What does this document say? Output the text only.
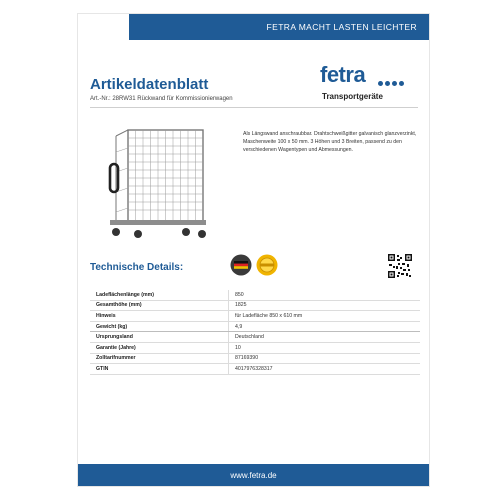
FETRA MACHT LASTEN LEICHTER
Artikeldatenblatt
Art.-Nr.: 28RW31 Rückwand für Kommissionierwagen
fetra
Transportgeräte
Als Längswand anschraubbar. Drahtschweißgitter galvanisch glanzverzinkt, Maschenweite 100 x 50 mm. 3 Höhen und 3 Breiten, passend zu den verschiedenen Wagentypen und Abmessungen.
Technische Details:
Ladeflächenlänge (mm)	850
Gesamthöhe (mm)	1825
Hinweis	für Ladefläche 850 x 610 mm
Gewicht (kg)	4,9
Ursprungsland	Deutschland
Garantie (Jahre)	10
Zolltarifnummer	87169390
GTIN	4017976328317
www.fetra.de
